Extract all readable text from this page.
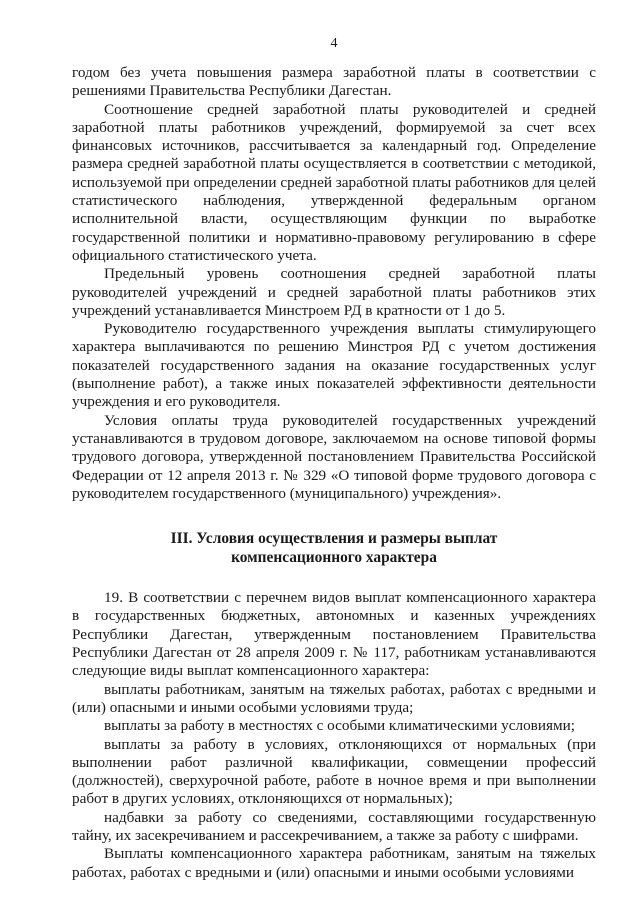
4

годом без учета повышения размера заработной платы в соответствии с решениями Правительства Республики Дагестан.

Соотношение средней заработной платы руководителей и средней заработной платы работников учреждений, формируемой за счет всех финансовых источников, рассчитывается за календарный год. Определение размера средней заработной платы осуществляется в соответствии с методикой, используемой при определении средней заработной платы работников для целей статистического наблюдения, утвержденной федеральным органом исполнительной власти, осуществляющим функции по выработке государственной политики и нормативно-правовому регулированию в сфере официального статистического учета.

Предельный уровень соотношения средней заработной платы руководителей учреждений и средней заработной платы работников этих учреждений устанавливается Минстроем РД в кратности от 1 до 5.

Руководителю государственного учреждения выплаты стимулирующего характера выплачиваются по решению Минстроя РД с учетом достижения показателей государственного задания на оказание государственных услуг (выполнение работ), а также иных показателей эффективности деятельности учреждения и его руководителя.

Условия оплаты труда руководителей государственных учреждений устанавливаются в трудовом договоре, заключаемом на основе типовой формы трудового договора, утвержденной постановлением Правительства Российской Федерации от 12 апреля 2013 г. № 329 «О типовой форме трудового договора с руководителем государственного (муниципального) учреждения».

III. Условия осуществления и размеры выплат
компенсационного характера

19. В соответствии с перечнем видов выплат компенсационного характера в государственных бюджетных, автономных и казенных учреждениях Республики Дагестан, утвержденным постановлением Правительства Республики Дагестан от 28 апреля 2009 г. № 117, работникам устанавливаются следующие виды выплат компенсационного характера:

выплаты работникам, занятым на тяжелых работах, работах с вредными и (или) опасными и иными особыми условиями труда;

выплаты за работу в местностях с особыми климатическими условиями;

выплаты за работу в условиях, отклоняющихся от нормальных (при выполнении работ различной квалификации, совмещении профессий (должностей), сверхурочной работе, работе в ночное время и при выполнении работ в других условиях, отклоняющихся от нормальных);

надбавки за работу со сведениями, составляющими государственную тайну, их засекречиванием и рассекречиванием, а также за работу с шифрами.

Выплаты компенсационного характера работникам, занятым на тяжелых работах, работах с вредными и (или) опасными и иными особыми условиями
